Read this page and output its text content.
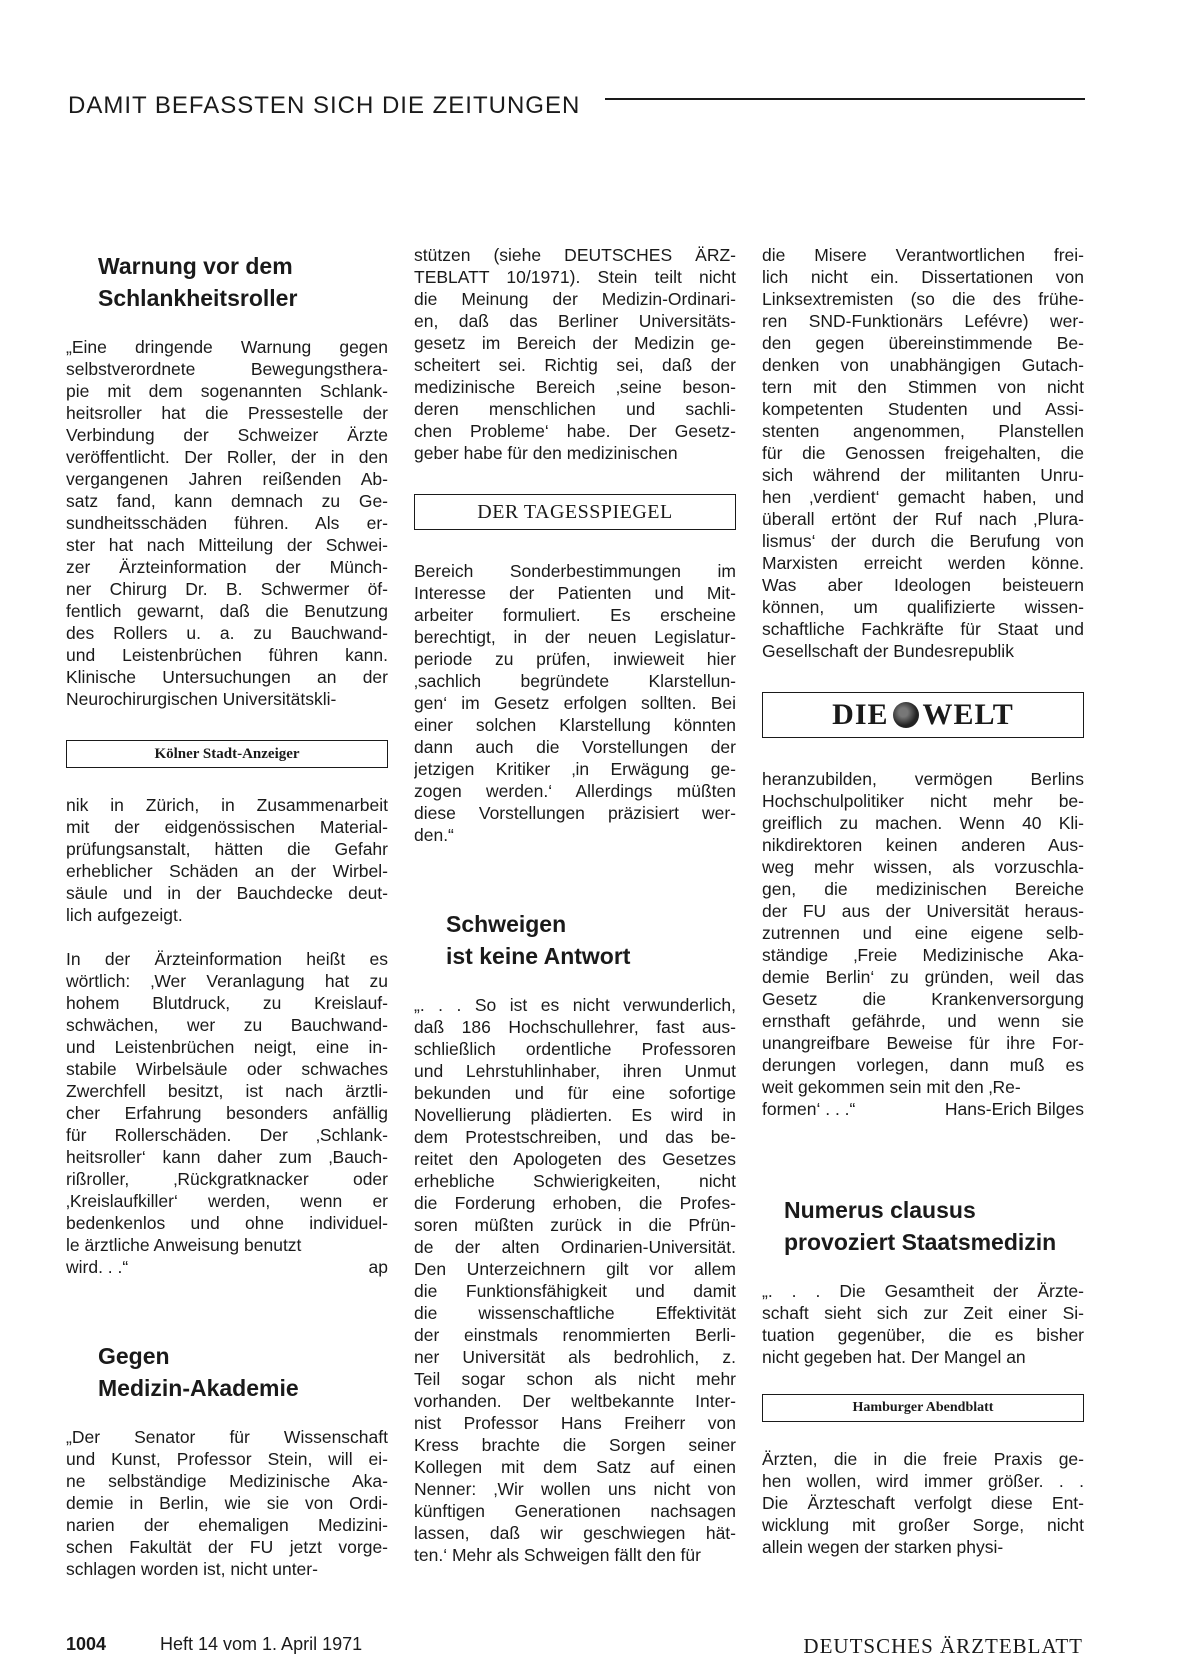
DAMIT BEFASSTEN SICH DIE ZEITUNGEN
Warnung vor dem
Schlankheitsroller
„Eine dringende Warnung gegen
selbstverordnete Bewegungsthera-
pie mit dem sogenannten Schlank-
heitsroller hat die Pressestelle der
Verbindung der Schweizer Ärzte
veröffentlicht. Der Roller, der in den
vergangenen Jahren reißenden Ab-
satz fand, kann demnach zu Ge-
sundheitsschäden führen. Als er-
ster hat nach Mitteilung der Schwei-
zer Ärzteinformation der Münch-
ner Chirurg Dr. B. Schwermer öf-
fentlich gewarnt, daß die Benutzung
des Rollers u. a. zu Bauchwand-
und Leistenbrüchen führen kann.
Klinische Untersuchungen an der
Neurochirurgischen Universitätskli-
Kölner Stadt-Anzeiger
nik in Zürich, in Zusammenarbeit
mit der eidgenössischen Material-
prüfungsanstalt, hätten die Gefahr
erheblicher Schäden an der Wirbel-
säule und in der Bauchdecke deut-
lich aufgezeigt.
In der Ärzteinformation heißt es
wörtlich: ‚Wer Veranlagung hat zu
hohem Blutdruck, zu Kreislauf-
schwächen, wer zu Bauchwand-
und Leistenbrüchen neigt, eine in-
stabile Wirbelsäule oder schwaches
Zwerchfell besitzt, ist nach ärztli-
cher Erfahrung besonders anfällig
für Rollerschäden. Der ‚Schlank-
heitsroller‘ kann daher zum ‚Bauch-
rißroller, ‚Rückgratknacker oder
‚Kreislaufkiller‘ werden, wenn er
bedenkenlos und ohne individuel-
le ärztliche Anweisung benutzt
wird. . .“	ap
Gegen
Medizin-Akademie
„Der Senator für Wissenschaft
und Kunst, Professor Stein, will ei-
ne selbständige Medizinische Aka-
demie in Berlin, wie sie von Ordi-
narien der ehemaligen Medizini-
schen Fakultät der FU jetzt vorge-
schlagen worden ist, nicht unter-
stützen (siehe DEUTSCHES ÄRZ-
TEBLATT 10/1971). Stein teilt nicht
die Meinung der Medizin-Ordinari-
en, daß das Berliner Universitäts-
gesetz im Bereich der Medizin ge-
scheitert sei. Richtig sei, daß der
medizinische Bereich ‚seine beson-
deren menschlichen und sachli-
chen Probleme‘ habe. Der Gesetz-
geber habe für den medizinischen
DER TAGESSPIEGEL
Bereich Sonderbestimmungen im
Interesse der Patienten und Mit-
arbeiter formuliert. Es erscheine
berechtigt, in der neuen Legislatur-
periode zu prüfen, inwieweit hier
‚sachlich begründete Klarstellun-
gen‘ im Gesetz erfolgen sollten. Bei
einer solchen Klarstellung könnten
dann auch die Vorstellungen der
jetzigen Kritiker ‚in Erwägung ge-
zogen werden.‘ Allerdings müßten
diese Vorstellungen präzisiert wer-
den.“
Schweigen
ist keine Antwort
„. . . So ist es nicht verwunderlich,
daß 186 Hochschullehrer, fast aus-
schließlich ordentliche Professoren
und Lehrstuhlinhaber, ihren Unmut
bekunden und für eine sofortige
Novellierung plädierten. Es wird in
dem Protestschreiben, und das be-
reitet den Apologeten des Gesetzes
erhebliche Schwierigkeiten, nicht
die Forderung erhoben, die Profes-
soren müßten zurück in die Pfrün-
de der alten Ordinarien-Universität.
Den Unterzeichnern gilt vor allem
die Funktionsfähigkeit und damit
die wissenschaftliche Effektivität
der einstmals renommierten Berli-
ner Universität als bedrohlich, z.
Teil sogar schon als nicht mehr
vorhanden. Der weltbekannte Inter-
nist Professor Hans Freiherr von
Kress brachte die Sorgen seiner
Kollegen mit dem Satz auf einen
Nenner: ‚Wir wollen uns nicht von
künftigen Generationen nachsagen
lassen, daß wir geschwiegen hät-
ten.‘ Mehr als Schweigen fällt den für
die Misere Verantwortlichen frei-
lich nicht ein. Dissertationen von
Linksextremisten (so die des frühe-
ren SND-Funktionärs Lefévre) wer-
den gegen übereinstimmende Be-
denken von unabhängigen Gutach-
tern mit den Stimmen von nicht
kompetenten Studenten und Assi-
stenten angenommen, Planstellen
für die Genossen freigehalten, die
sich während der militanten Unru-
hen ‚verdient‘ gemacht haben, und
überall ertönt der Ruf nach ‚Plura-
lismus‘ der durch die Berufung von
Marxisten erreicht werden könne.
Was aber Ideologen beisteuern
können, um qualifizierte wissen-
schaftliche Fachkräfte für Staat und
Gesellschaft der Bundesrepublik
DIE WELT
heranzubilden, vermögen Berlins
Hochschulpolitiker nicht mehr be-
greiflich zu machen. Wenn 40 Kli-
nikdirektoren keinen anderen Aus-
weg mehr wissen, als vorzuschla-
gen, die medizinischen Bereiche
der FU aus der Universität heraus-
zutrennen und eine eigene selb-
ständige ‚Freie Medizinische Aka-
demie Berlin‘ zu gründen, weil das
Gesetz die Krankenversorgung
ernsthaft gefährde, und wenn sie
unangreifbare Beweise für ihre For-
derungen vorlegen, dann muß es
weit gekommen sein mit den ‚Re-
formen‘ . . .“	Hans-Erich Bilges
Numerus clausus
provoziert Staatsmedizin
„. . . Die Gesamtheit der Ärzte-
schaft sieht sich zur Zeit einer Si-
tuation gegenüber, die es bisher
nicht gegeben hat. Der Mangel an
Hamburger Abendblatt
Ärzten, die in die freie Praxis ge-
hen wollen, wird immer größer. . .
Die Ärzteschaft verfolgt diese Ent-
wicklung mit großer Sorge, nicht
allein wegen der starken physi-
1004	Heft 14 vom 1. April 1971	DEUTSCHES ÄRZTEBLATT
